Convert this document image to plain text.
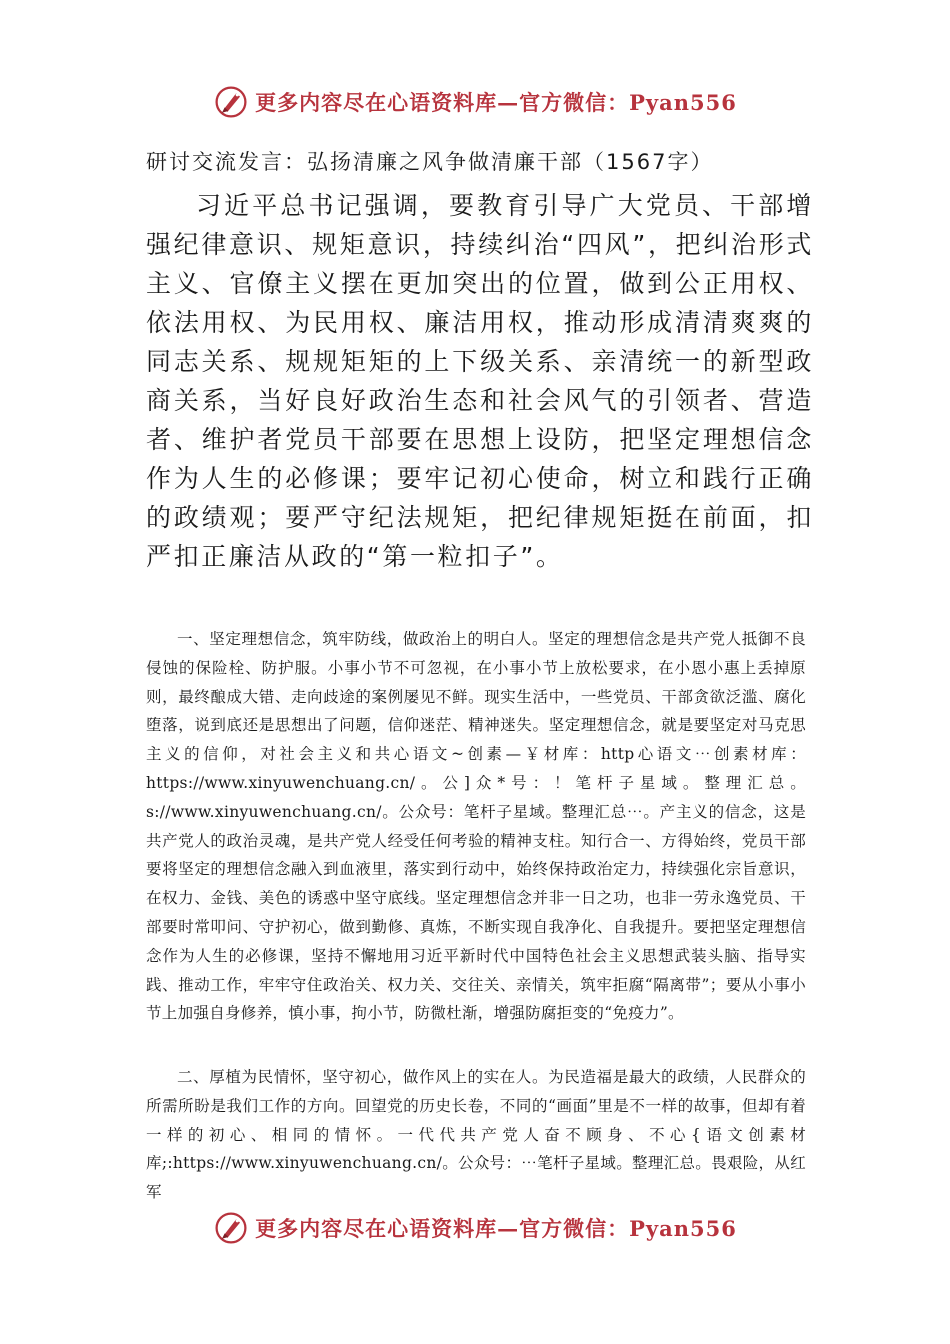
更多内容尽在心语资料库—官方微信：Pyan556
研讨交流发言：弘扬清廉之风争做清廉干部（1567字）

习近平总书记强调，要教育引导广大党员、干部增强纪律意识、规矩意识，持续纠治“四风”，把纠治形式主义、官僚主义摆在更加突出的位置，做到公正用权、依法用权、为民用权、廉洁用权，推动形成清清爽爽的同志关系、规规矩矩的上下级关系、亲清统一的新型政商关系，当好良好政治生态和社会风气的引领者、营造者、维护者党员干部要在思想上设防，把坚定理想信念作为人生的必修课；要牢记初心使命，树立和践行正确的政绩观；要严守纪法规矩，把纪律规矩挺在前面，扣严扣正廉洁从政的“第一粒扣子”。

一、坚定理想信念，筑牢防线，做政治上的明白人。坚定的理想信念是共产党人抵御不良侵蚀的保险栓、防护服。小事小节不可忽视，在小事小节上放松要求，在小恩小惠上丢掉原则，最终酿成大错、走向歧途的案例屡见不鲜。现实生活中，一些党员、干部贪欲泛滥、腐化堕落，说到底还是思想出了问题，信仰迷茫、精神迷失。坚定理想信念，就是要坚定对马克思主义的信仰，对社会主义和共心语文~创素—￥材库：http心语文⋯创素材库：https://www.xinyuwenchuang.cn/。公]众*号：！笔杆子星域。整理汇总。s://www.xinyuwenchuang.cn/。公众号：笔杆子星域。整理汇总⋯。产主义的信念，这是共产党人的政治灵魂，是共产党人经受任何考验的精神支柱。知行合一、方得始终，党员干部要将坚定的理想信念融入到血液里，落实到行动中，始终保持政治定力，持续强化宗旨意识，在权力、金钱、美色的诱惑中坚守底线。坚定理想信念并非一日之功，也非一劳永逸党员、干部要时常叩问、守护初心，做到勤修、真炼，不断实现自我净化、自我提升。要把坚定理想信念作为人生的必修课，坚持不懈地用习近平新时代中国特色社会主义思想武装头脑、指导实践、推动工作，牢牢守住政治关、权力关、交往关、亲情关，筑牢拒腐“隔离带”；要从小事小节上加强自身修养，慎小事，拘小节，防微杜渐，增强防腐拒变的“免疫力”。

二、厚植为民情怀，坚守初心，做作风上的实在人。为民造福是最大的政绩，人民群众的所需所盼是我们工作的方向。回望党的历史长卷，不同的“画面”里是不一样的故事，但却有着一样的初心、相同的情怀。一代代共产党人奋不顾身、不心{语文创素材库;:https://www.xinyuwenchuang.cn/。公众号：⋯笔杆子星域。整理汇总。畏艰险，从红军

更多内容尽在心语资料库—官方微信：Pyan556
